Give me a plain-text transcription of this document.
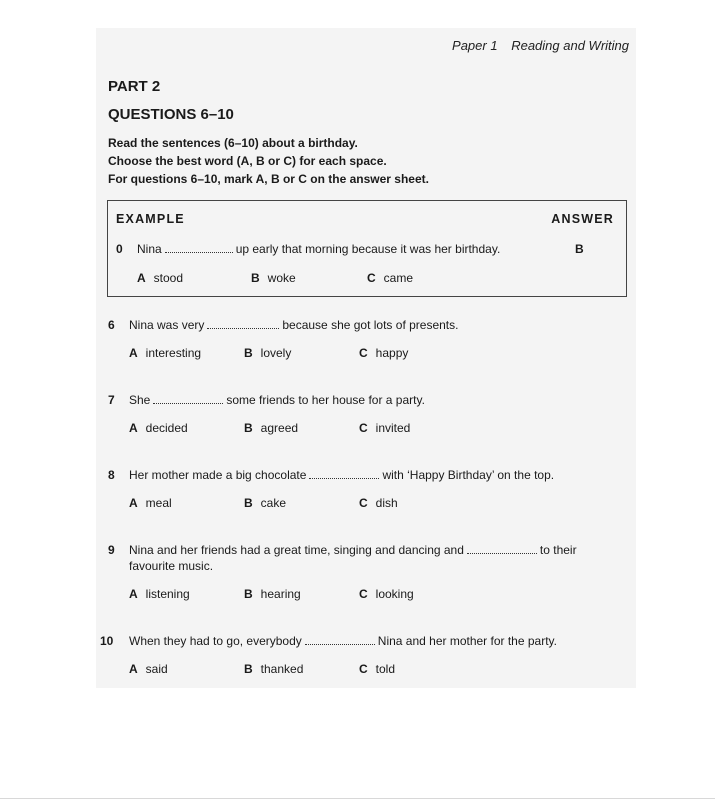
Paper 1 Reading and Writing
PART 2
QUESTIONS 6–10
Read the sentences (6–10) about a birthday.
Choose the best word (A, B or C) for each space.
For questions 6–10, mark A, B or C on the answer sheet.
EXAMPLE	ANSWER
0 Nina	up early that morning because it was her birthday.	B
A stood	B woke	C came
6 Nina was very	because she got lots of presents.
A interesting	B lovely	C happy
7 She	some friends to her house for a party.
A decided	B agreed	C invited
8 Her mother made a big chocolate	with ‘Happy Birthday’ on the top.
A meal	B cake	C dish
9 Nina and her friends had a great time, singing and dancing and	to their
favourite music.
A listening	B hearing	C looking
10 When they had to go, everybody	Nina and her mother for the party.
A said	B thanked	C told
